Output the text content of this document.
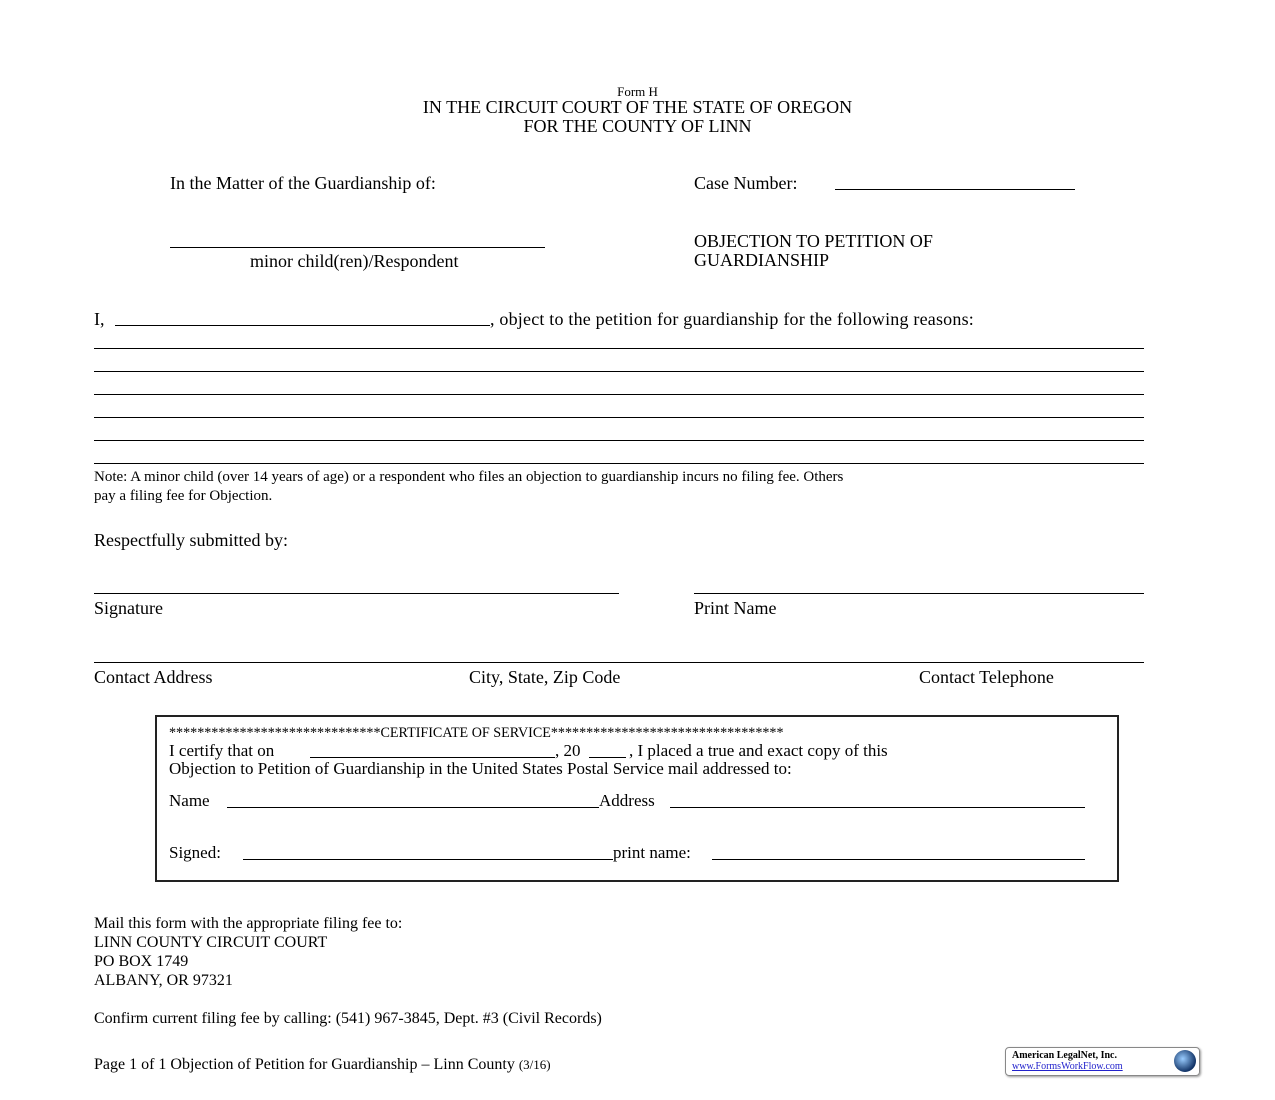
Form H
IN THE CIRCUIT COURT OF THE STATE OF OREGON
FOR THE COUNTY OF LINN
In the Matter of the Guardianship of:	Case Number:
minor child(ren)/Respondent
OBJECTION TO PETITION OF
GUARDIANSHIP
I,	, object to the petition for guardianship for the following reasons:
Note: A minor child (over 14 years of age) or a respondent who files an objection to guardianship incurs no filing fee. Others
pay a filing fee for Objection.
Respectfully submitted by:
Signature	Print Name
Contact Address	City, State, Zip Code	Contact Telephone
******************************CERTIFICATE OF SERVICE*********************************
I certify that on	, 20	, I placed a true and exact copy of this
Objection to Petition of Guardianship in the United States Postal Service mail addressed to:
Name	Address
Signed:	print name:
Mail this form with the appropriate filing fee to:
LINN COUNTY CIRCUIT COURT
PO BOX 1749
ALBANY, OR 97321
Confirm current filing fee by calling: (541) 967-3845, Dept. #3 (Civil Records)
Page 1 of 1 Objection of Petition for Guardianship – Linn County (3/16)
American LegalNet, Inc.
www.FormsWorkFlow.com
